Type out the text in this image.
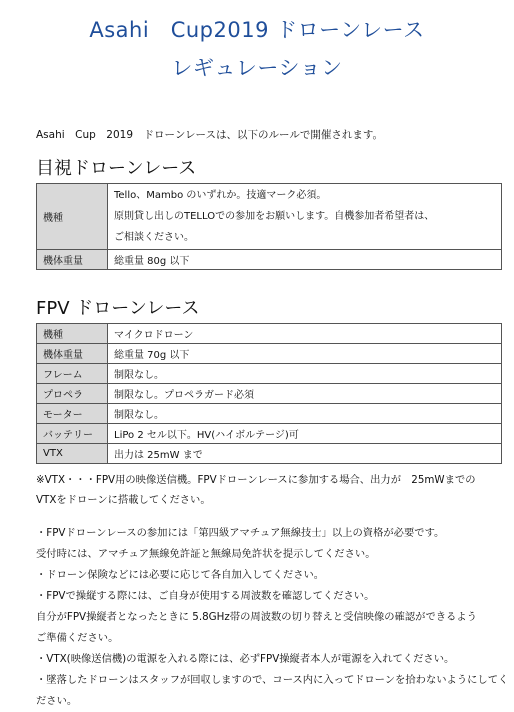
Asahi　Cup2019 ドローンレース
レギュレーション
Asahi　Cup　2019　ドローンレースは、以下のルールで開催されます。
目視ドローンレース
機種	Tello、Mambo のいずれか。技適マーク必須。
原則貸し出しのTELLOでの参加をお願いします。自機参加者希望者は、
ご相談ください。

機体重量	総重量 80g 以下
FPV ドローンレース
機種	マイクロドローン
機体重量	総重量 70g 以下
フレーム	制限なし。
プロペラ	制限なし。プロペラガード必須
モーター	制限なし。
バッテリー	LiPo 2 セル以下。HV(ハイボルテージ)可
VTX	出力は 25mW まで
※VTX・・・FPV用の映像送信機。FPVドローンレースに参加する場合、出力が　25mWまでの
VTXをドローンに搭載してください。
・FPVドローンレースの参加には「第四級アマチュア無線技士」以上の資格が必要です。
受付時には、アマチュア無線免許証と無線局免許状を提示してください。
・ドローン保険などには必要に応じて各自加入してください。
・FPVで操縦する際には、ご自身が使用する周波数を確認してください。
自分がFPV操縦者となったときに 5.8GHz帯の周波数の切り替えと受信映像の確認ができるよう
ご準備ください。
・VTX(映像送信機)の電源を入れる際には、必ずFPV操縦者本人が電源を入れてください。
・墜落したドローンはスタッフが回収しますので、コース内に入ってドローンを拾わないようにしてく
ださい。
